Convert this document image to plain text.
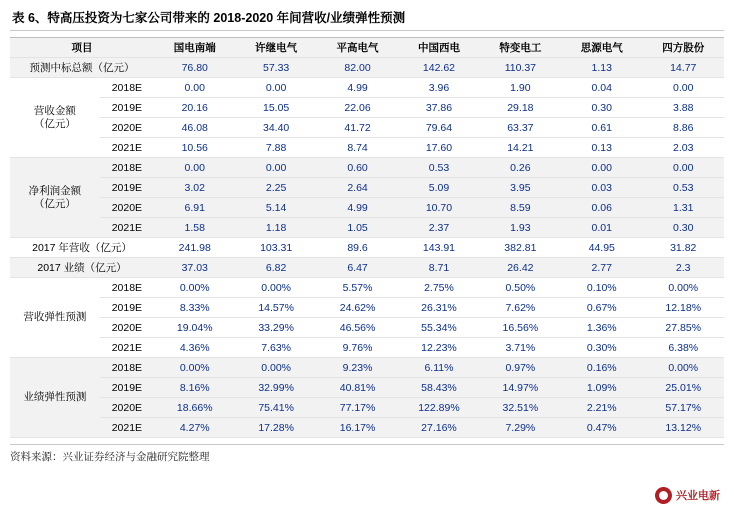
表 6、特高压投资为七家公司带来的 2018-2020 年间营收/业绩弹性预测
项目		国电南端	许继电气	平高电气	中国西电	特变电工	思源电气	四方股份
预测中标总额（亿元）		76.80	57.33	82.00	142.62	110.37	1.13	14.77

营收金额
（亿元）	2018E	0.00	0.00	4.99	3.96	1.90	0.04	0.00
	2019E	20.16	15.05	22.06	37.86	29.18	0.30	3.88
	2020E	46.08	34.40	41.72	79.64	63.37	0.61	8.86
	2021E	10.56	7.88	8.74	17.60	14.21	0.13	2.03

净利润金额
（亿元）	2018E	0.00	0.00	0.60	0.53	0.26	0.00	0.00
	2019E	3.02	2.25	2.64	5.09	3.95	0.03	0.53
	2020E	6.91	5.14	4.99	10.70	8.59	0.06	1.31
	2021E	1.58	1.18	1.05	2.37	1.93	0.01	0.30
2017 年营收（亿元）		241.98	103.31	89.6	143.91	382.81	44.95	31.82
2017 业绩（亿元）		37.03	6.82	6.47	8.71	26.42	2.77	2.3

营收弹性预测	2018E	0.00%	0.00%	5.57%	2.75%	0.50%	0.10%	0.00%
	2019E	8.33%	14.57%	24.62%	26.31%	7.62%	0.67%	12.18%
	2020E	19.04%	33.29%	46.56%	55.34%	16.56%	1.36%	27.85%
	2021E	4.36%	7.63%	9.76%	12.23%	3.71%	0.30%	6.38%

业绩弹性预测	2018E	0.00%	0.00%	9.23%	6.11%	0.97%	0.16%	0.00%
	2019E	8.16%	32.99%	40.81%	58.43%	14.97%	1.09%	25.01%
	2020E	18.66%	75.41%	77.17%	122.89%	32.51%	2.21%	57.17%
	2021E	4.27%	17.28%	16.17%	27.16%	7.29%	0.47%	13.12%
资料来源：兴业证券经济与金融研究院整理
兴业电新
